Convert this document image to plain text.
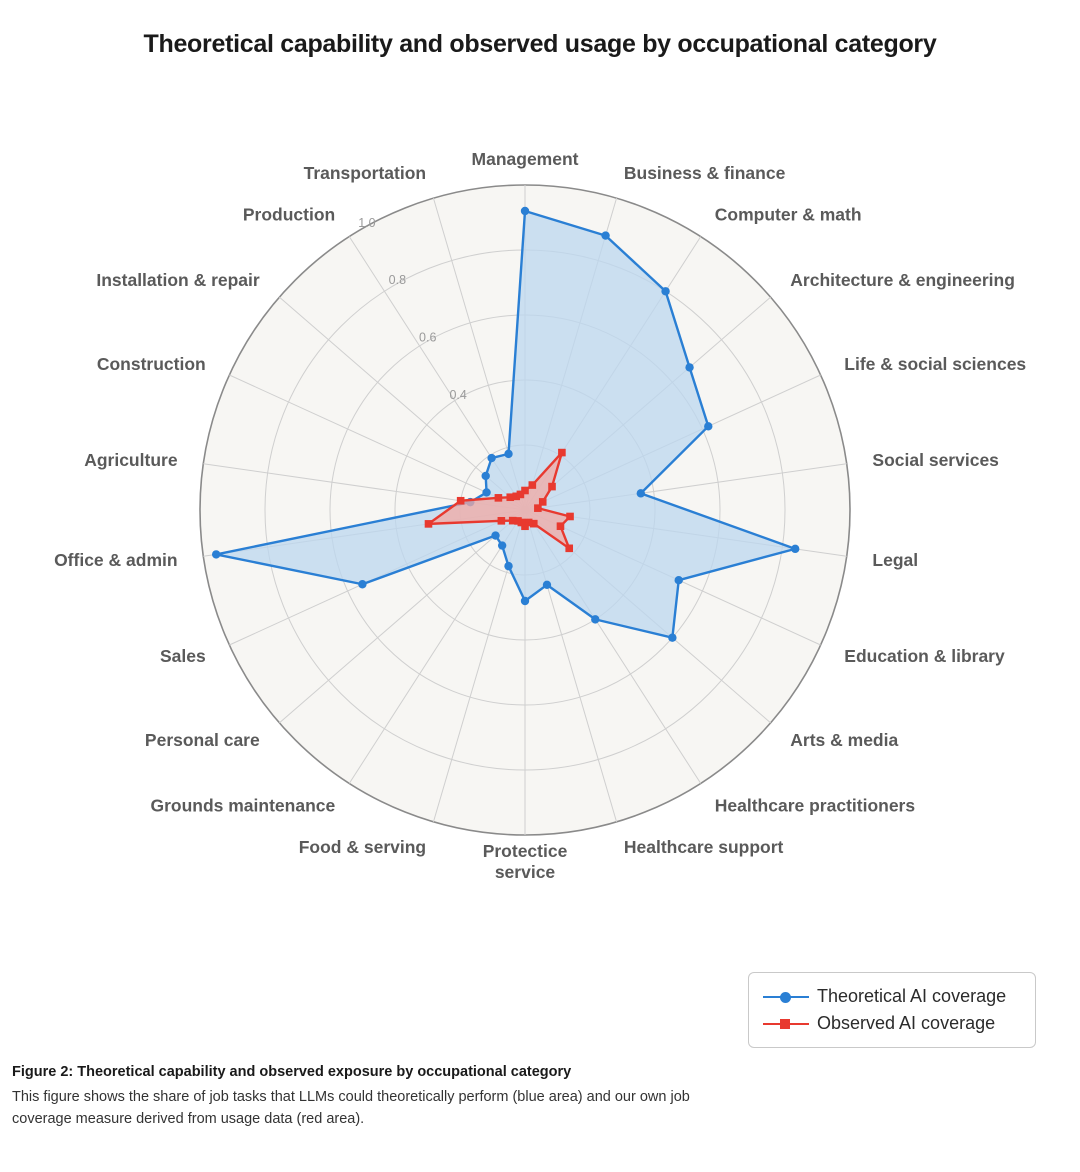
Theoretical capability and observed usage by occupational category
0.4
0.6
0.8
1.0
Management
Business & finance
Computer & math
Architecture & engineering
Life & social sciences
Social services
Legal
Education & library
Arts & media
Healthcare practitioners
Healthcare support
Protectice
service
Food & serving
Grounds maintenance
Personal care
Sales
Office & admin
Agriculture
Construction
Installation & repair
Production
Transportation
Theoretical AI coverage
Observed AI coverage
Figure 2: Theoretical capability and observed exposure by occupational category
This figure shows the share of job tasks that LLMs could theoretically perform (blue area) and our own job coverage measure derived from usage data (red area).
